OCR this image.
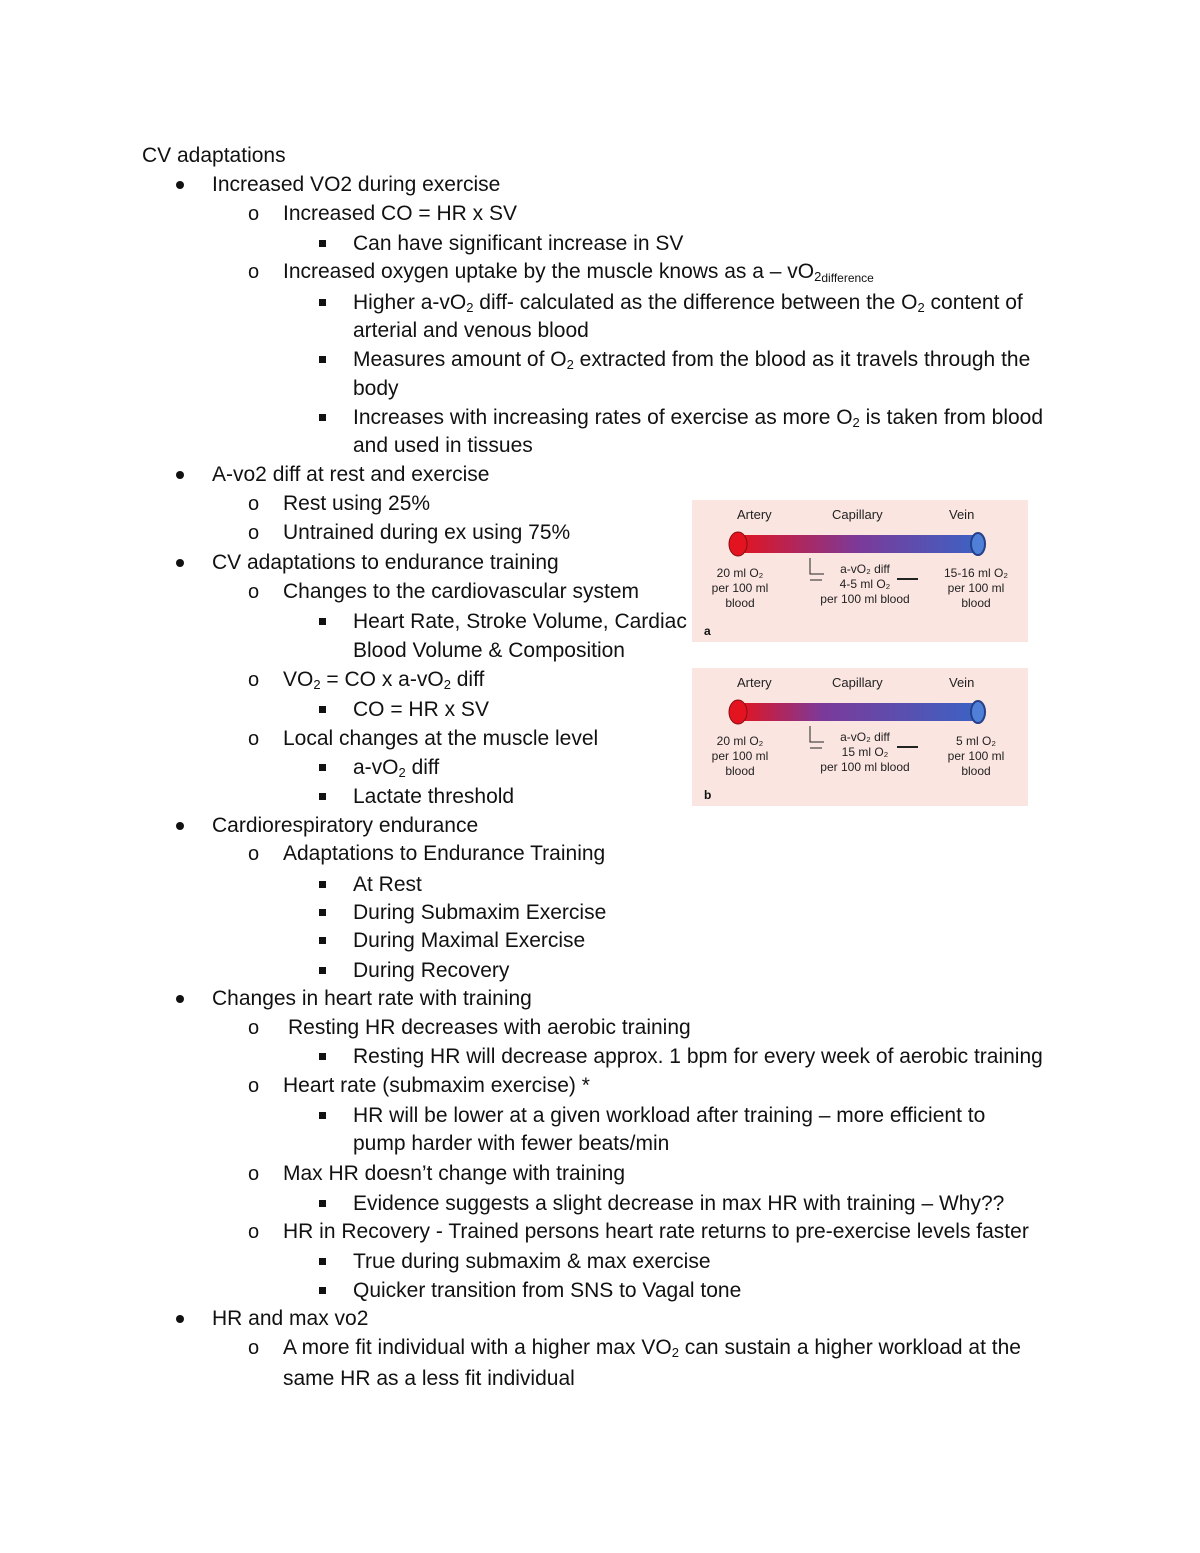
CV adaptations
Increased VO2 during exercise
o Increased CO = HR x SV
Can have significant increase in SV
o Increased oxygen uptake by the muscle knows as a – $vO_2difference$
Higher $a-vO_2$ diff- calculated as the difference between the $O_2$ content of
arterial and venous blood
Measures amount of $O_2$ extracted from the blood as it travels through the
body
Increases with increasing rates of exercise as more $O_2$ is taken from blood
and used in tissues
A-vo2 diff at rest and exercise
o Rest using 25%
o Untrained during ex using 75%
CV adaptations to endurance training
o Changes to the cardiovascular system
Heart Rate, Stroke Volume, Cardiac
Blood Volume & Composition
o $VO_2$ = CO x $a-vO_2$ diff
CO = HR x SV
o Local changes at the muscle level
$a-vO_2$ diff
Lactate threshold
Cardiorespiratory endurance
o Adaptations to Endurance Training
At Rest
During Submaxim Exercise
During Maximal Exercise
During Recovery
Changes in heart rate with training
o Resting HR decreases with aerobic training
Resting HR will decrease approx. 1 bpm for every week of aerobic training
o Heart rate (submaxim exercise) *
HR will be lower at a given workload after training – more efficient to
pump harder with fewer beats/min
o Max HR doesn’t change with training
Evidence suggests a slight decrease in max HR with training – Why??
o HR in Recovery - Trained persons heart rate returns to pre-exercise levels faster
True during submaxim & max exercise
Quicker transition from SNS to Vagal tone
HR and max vo2
o A more fit individual with a higher $\max VO_2$ can sustain a higher workload at the
same HR as a less fit individual
Artery	Capillary	Vein
20 ml O₂
per 100 ml
blood
a-vO₂ diff
4-5 ml O₂
per 100 ml blood
15-16 ml O₂
per 100 ml
blood
a
Artery	Capillary	Vein
20 ml O₂
per 100 ml
blood
a-vO₂ diff
15 ml O₂
per 100 ml blood
5 ml O₂
per 100 ml
blood
b
